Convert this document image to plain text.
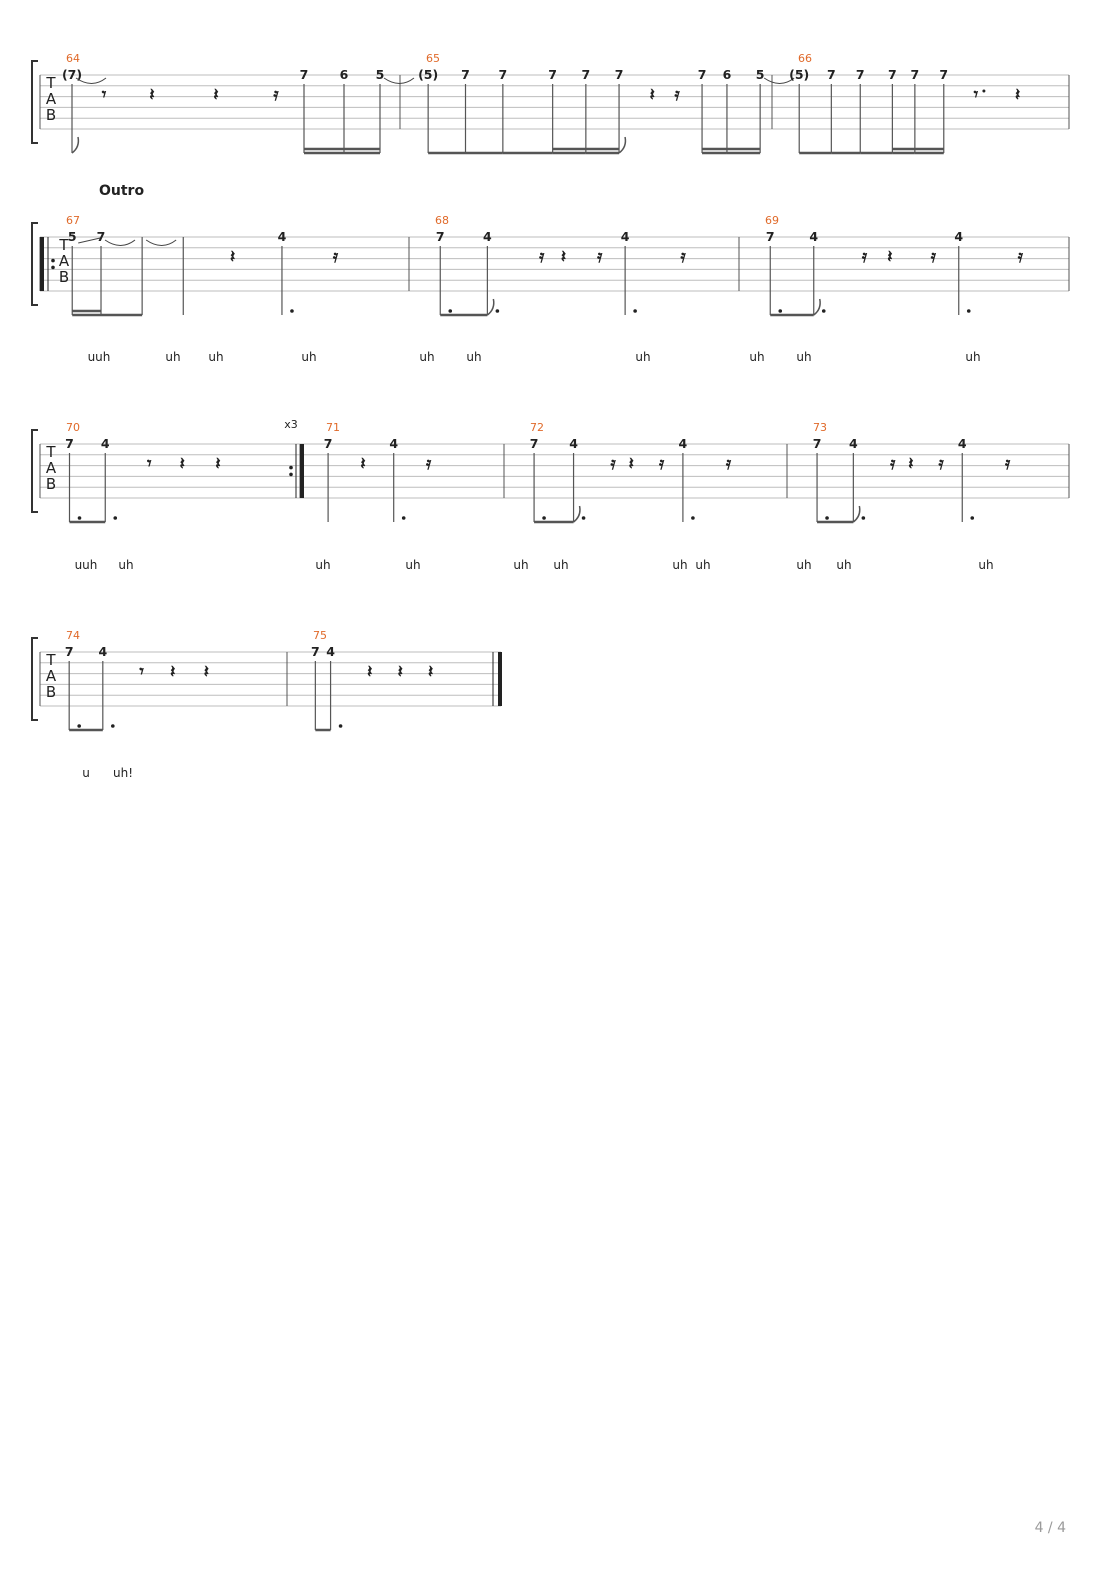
T
A
B
64
(7)
𝄾	𝄽	𝄽	𝄿
7	6 5
65
(5) 7 7	7 7 7
𝄽 𝄿
7 6 5
66
(5) 7 7 7 7 7
𝄾 𝄽
T
A
B
Outro
67
5 7
𝄽
4
𝄿
68
7	4
𝄿 𝄽 𝄿
4
𝄿
69
7	4
𝄿 𝄽 𝄿
4
𝄿
uuh	uh uh	uh	uh	uh	uh	uh	uh	uh
T
A
B
x3
70
7 4
𝄾 𝄽 𝄽
71
7
𝄽
4
𝄿
72
7 4
𝄿 𝄽 𝄿
4
𝄿
73
7 4
𝄿 𝄽 𝄿
4
𝄿
uuh uh	uh	uh	uh uh	uh	uh uh	uh
uh
T
A
B
74
7 4
𝄾 𝄽 𝄽
75
7 4
𝄽 𝄽 𝄽
u uh!
4 / 4
